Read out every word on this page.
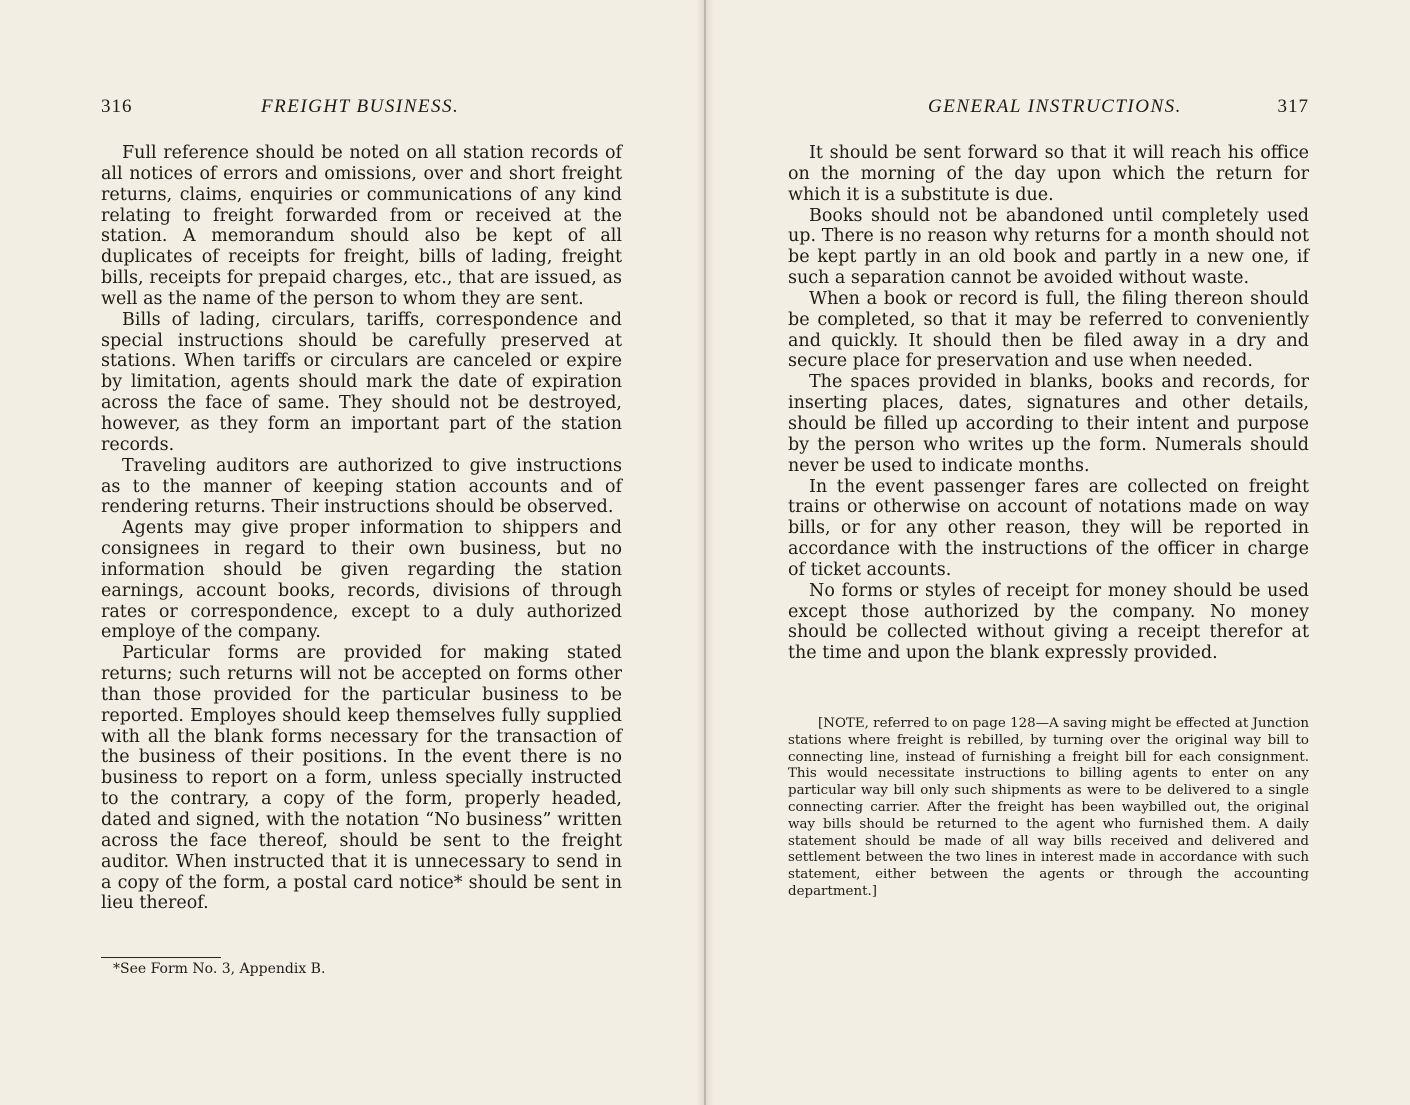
316	FREIGHT BUSINESS.

Full reference should be noted on all station records of all notices of errors and omissions, over and short freight returns, claims, enquiries or communications of any kind relating to freight forwarded from or received at the station. A memorandum should also be kept of all duplicates of receipts for freight, bills of lading, freight bills, receipts for prepaid charges, etc., that are issued, as well as the name of the person to whom they are sent.

Bills of lading, circulars, tariffs, correspondence and special instructions should be carefully preserved at stations. When tariffs or circulars are canceled or expire by limitation, agents should mark the date of expiration across the face of same. They should not be destroyed, however, as they form an important part of the station records.

Traveling auditors are authorized to give instructions as to the manner of keeping station accounts and of rendering returns. Their instructions should be observed.

Agents may give proper information to shippers and consignees in regard to their own business, but no information should be given regarding the station earnings, account books, records, divisions of through rates or correspondence, except to a duly authorized employe of the company.

Particular forms are provided for making stated returns; such returns will not be accepted on forms other than those provided for the particular business to be reported. Employes should keep themselves fully supplied with all the blank forms necessary for the transaction of the business of their positions. In the event there is no business to report on a form, unless specially instructed to the contrary, a copy of the form, properly headed, dated and signed, with the notation “No business” written across the face thereof, should be sent to the freight auditor. When instructed that it is unnecessary to send in a copy of the form, a postal card notice* should be sent in lieu thereof.

*See Form No. 3, Appendix B.
GENERAL INSTRUCTIONS.	317

It should be sent forward so that it will reach his office on the morning of the day upon which the return for which it is a substitute is due.

Books should not be abandoned until completely used up. There is no reason why returns for a month should not be kept partly in an old book and partly in a new one, if such a separation cannot be avoided without waste.

When a book or record is full, the filing thereon should be completed, so that it may be referred to conveniently and quickly. It should then be filed away in a dry and secure place for preservation and use when needed.

The spaces provided in blanks, books and records, for inserting places, dates, signatures and other details, should be filled up according to their intent and purpose by the person who writes up the form. Numerals should never be used to indicate months.

In the event passenger fares are collected on freight trains or otherwise on account of notations made on way bills, or for any other reason, they will be reported in accordance with the instructions of the officer in charge of ticket accounts.

No forms or styles of receipt for money should be used except those authorized by the company. No money should be collected without giving a receipt therefor at the time and upon the blank expressly provided.

[NOTE, referred to on page 128—A saving might be effected at Junction stations where freight is rebilled, by turning over the original way bill to connecting line, instead of furnishing a freight bill for each consignment. This would necessitate instructions to billing agents to enter on any particular way bill only such shipments as were to be delivered to a single connecting carrier. After the freight has been waybilled out, the original way bills should be returned to the agent who furnished them. A daily statement should be made of all way bills received and delivered and settlement between the two lines in interest made in accordance with such statement, either between the agents or through the accounting department.]
